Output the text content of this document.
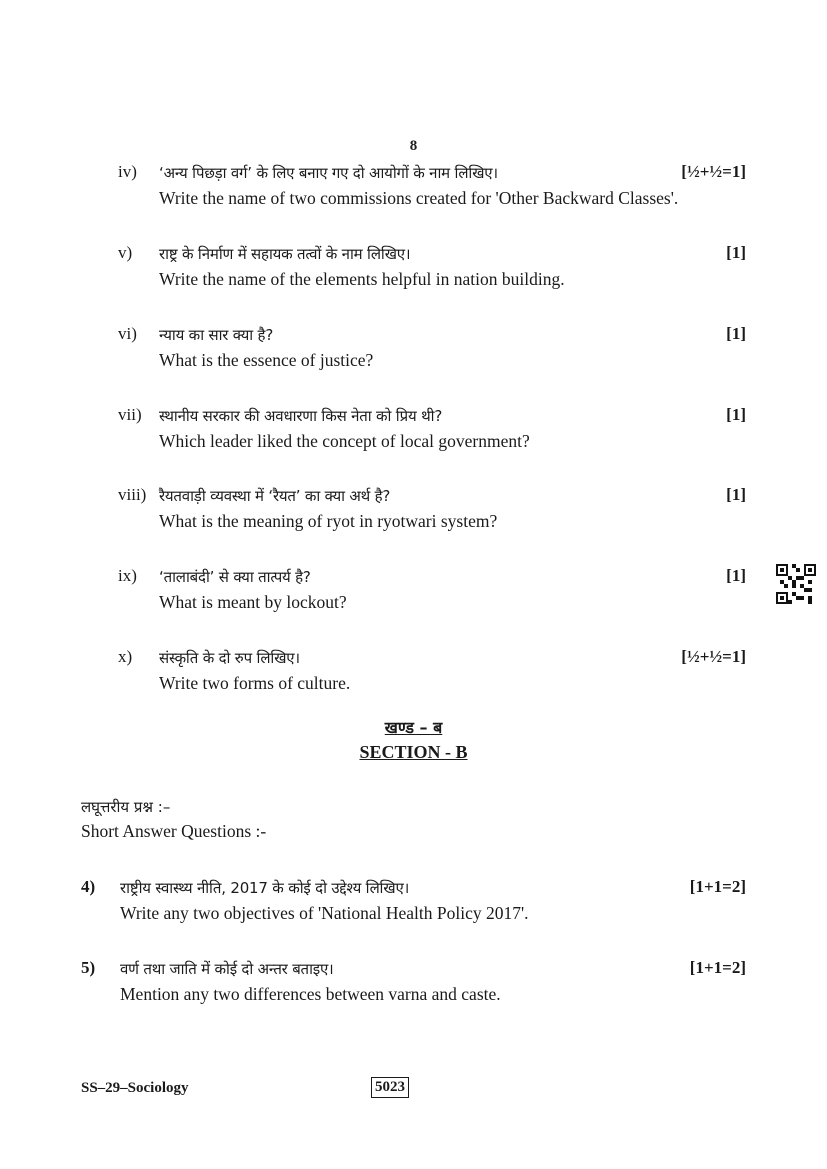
8
iv) ‘अन्य पिछड़ा वर्ग’ के लिए बनाए गए दो आयोगों के नाम लिखिए।	[½+½=1]
Write the name of two commissions created for 'Other Backward Classes'.
v) राष्ट्र के निर्माण में सहायक तत्वों के नाम लिखिए।	[1]
Write the name of the elements helpful in nation building.
vi) न्याय का सार क्या है?	[1]
What is the essence of justice?
vii) स्थानीय सरकार की अवधारणा किस नेता को प्रिय थी?	[1]
Which leader liked the concept of local government?
viii) रैयतवाड़ी व्यवस्था में ‘रैयत’ का क्या अर्थ है?	[1]
What is the meaning of ryot in ryotwari system?
ix) ‘तालाबंदी’ से क्या तात्पर्य है?	[1]
What is meant by lockout?
x) संस्कृति के दो रुप लिखिए।	[½+½=1]
Write two forms of culture.
खण्ड – ब
SECTION - B
लघूत्तरीय प्रश्न :–
Short Answer Questions :-
4) राष्ट्रीय स्वास्थ्य नीति, 2017 के कोई दो उद्देश्य लिखिए।	[1+1=2]
Write any two objectives of 'National Health Policy 2017'.
5) वर्ण तथा जाति में कोई दो अन्तर बताइए।	[1+1=2]
Mention any two differences between varna and caste.
SS–29–Sociology	5023
